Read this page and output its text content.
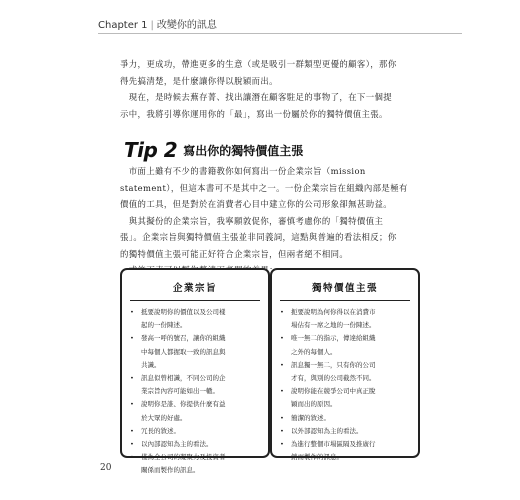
Chapter 1 | 改變你的訊息

爭力，更成功，帶進更多的生意（或是吸引一群類型更優的顧客），那你
得先搞清楚，是什麼讓你得以脫穎而出。
　現在，是時候去蕪存菁、找出讓潛在顧客駐足的事物了，在下一個提
示中，我將引導你運用你的「最」，寫出一份屬於你的獨特價值主張。

Tip 2 寫出你的獨特價值主張

　市面上雖有不少的書籍教你如何寫出一份企業宗旨（mission
statement），但這本書可不是其中之一。一份企業宗旨在組織內部是極有
價值的工具，但是對於在消費者心目中建立你的公司形象卻無甚助益。
　與其擬份的企業宗旨，我寧願敦促你，審慎考慮你的「獨特價值主
張」。企業宗旨與獨特價值主張並非同義詞，這點與普遍的看法相反；你
的獨特價值主張可能正好符合企業宗旨，但兩者絕不相同。

企業宗旨
• 抵要說明你的價值以及公司樣
起的一份陳述。
• 發高一呼的號召，讓你的組織
中每個人都握取一致的訊息與
共識。
• 訊息似曾相識，不同公司的企
業宗旨內容可能如出一轍。
• 說明你是誰、你提供什麼有益
於大眾的好處。
• 冗長的敘述。
• 以內部認知為主的看法。
• 僅為全公司的凝聚力及投資者
關係而製作的訊息。
獨特價值主張
• 扼要說明為何你得以在消費市
場佔有一席之地的一份陳述。
• 唯一無二的指示，傳達給組織
之外的每個人。
• 訊息獨一無二，只有你的公司
才有，與別的公司截然不同。
• 說明你能在競爭公司中真正脫
穎而出的原因。
• 簡潔的敘述。
• 以外部認知為主的看法。
• 為進行整個市場區隔及推廣行
銷而製作的訊息。
20
